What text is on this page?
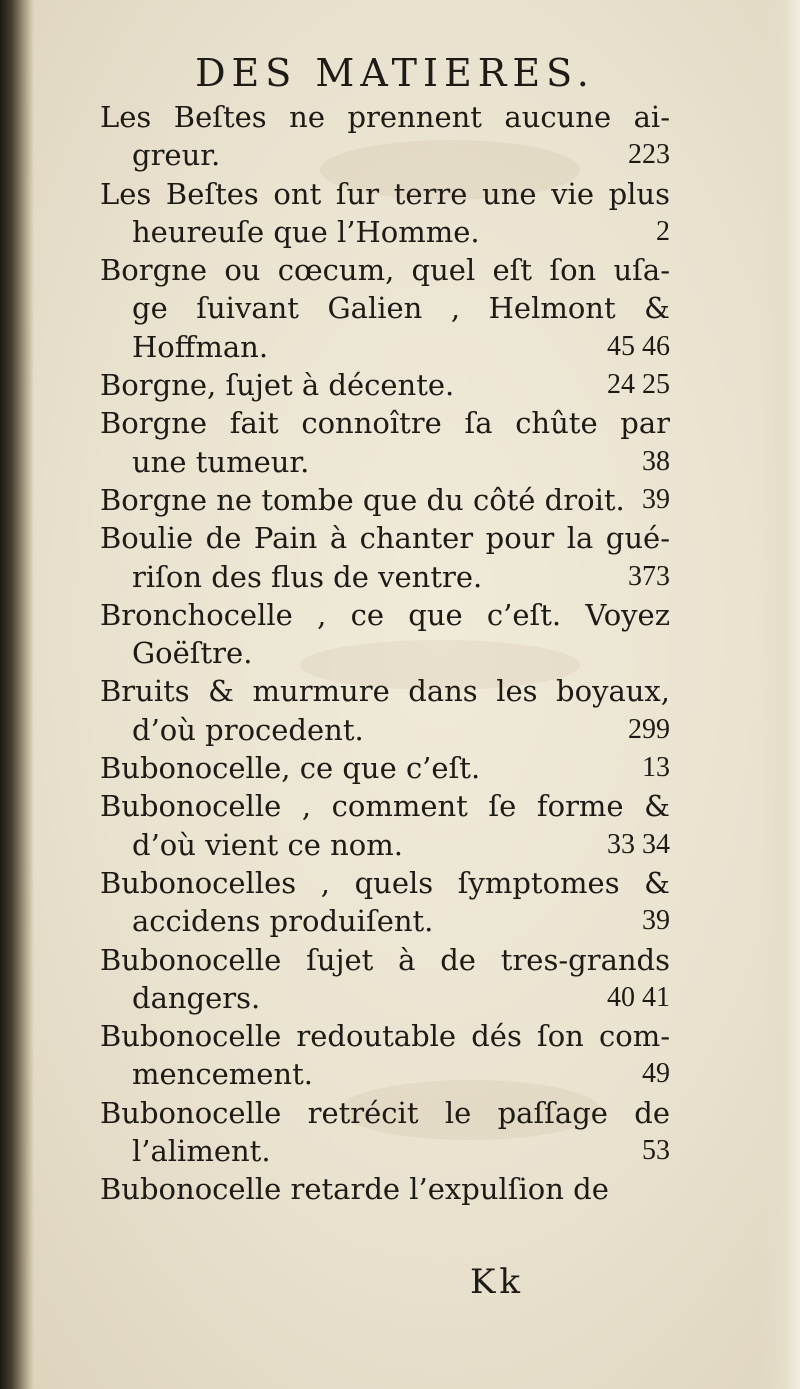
DES MATIERES.
Les Beſtes ne prennent aucune ai-
greur.	223
Les Beſtes ont ſur terre une vie plus
heureuſe que l’Homme.	2
Borgne ou cœcum, quel eſt ſon uſa-
ge ſuivant Galien , Helmont &
Hoffman.	45 46
Borgne, ſujet à décente.	24 25
Borgne fait connoître ſa chûte par
une tumeur.	38
Borgne ne tombe que du côté droit. 39
Boulie de Pain à chanter pour la gué-
riſon des flus de ventre.	373
Bronchocelle , ce que c’eſt. Voyez
Goëſtre.
Bruits & murmure dans les boyaux,
d’où procedent.	299
Bubonocelle, ce que c’eſt.	13
Bubonocelle , comment ſe forme &
d’où vient ce nom.	33 34
Bubonocelles , quels ſymptomes &
accidens produiſent.	39
Bubonocelle ſujet à de tres-grands
dangers.	40 41
Bubonocelle redoutable dés ſon com-
mencement.	49
Bubonocelle retrécit le paſſage de
l’aliment.	53
Bubonocelle retarde l’expulſion de
Kk
